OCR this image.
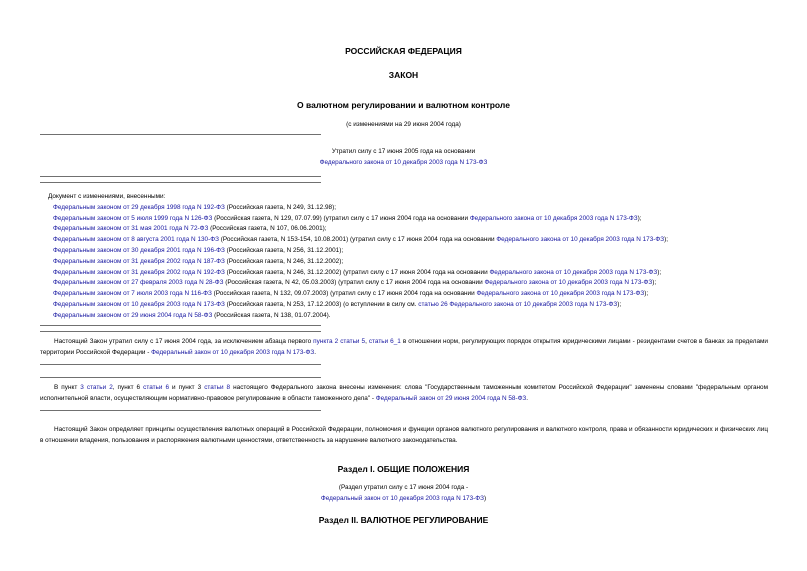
РОССИЙСКАЯ ФЕДЕРАЦИЯ
ЗАКОН
О валютном регулировании и валютном контроле
(с изменениями на 29 июня 2004 года)
Утратил силу с 17 июня 2005 года на основании
Федерального закона от 10 декабря 2003 года N 173-ФЗ
Документ с изменениями, внесенными:
Федеральным законом от 29 декабря 1998 года N 192-ФЗ (Российская газета, N 249, 31.12.98);
Федеральным законом от 5 июля 1999 года N 126-ФЗ (Российская газета, N 129, 07.07.99) (утратил силу с 17 июня 2004 года на основании Федерального закона от 10 декабря 2003 года N 173-ФЗ);
Федеральным законом от 31 мая 2001 года N 72-ФЗ (Российская газета, N 107, 06.06.2001);
Федеральным законом от 8 августа 2001 года N 130-ФЗ (Российская газета, N 153-154, 10.08.2001) (утратил силу с 17 июня 2004 года на основании Федерального закона от 10 декабря 2003 года N 173-ФЗ);
Федеральным законом от 30 декабря 2001 года N 196-ФЗ (Российская газета, N 256, 31.12.2001);
Федеральным законом от 31 декабря 2002 года N 187-ФЗ (Российская газета, N 246, 31.12.2002);
Федеральным законом от 31 декабря 2002 года N 192-ФЗ (Российская газета, N 246, 31.12.2002) (утратил силу с 17 июня 2004 года на основании Федерального закона от 10 декабря 2003 года N 173-ФЗ);
Федеральным законом от 27 февраля 2003 года N 28-ФЗ (Российская газета, N 42, 05.03.2003) (утратил силу с 17 июня 2004 года на основании Федерального закона от 10 декабря 2003 года N 173-ФЗ);
Федеральным законом от 7 июля 2003 года N 116-ФЗ (Российская газета, N 132, 09.07.2003) (утратил силу с 17 июня 2004 года на основании Федерального закона от 10 декабря 2003 года N 173-ФЗ);
Федеральным законом от 10 декабря 2003 года N 173-ФЗ (Российская газета, N 253, 17.12.2003) (о вступлении в силу см. статью 26 Федерального закона от 10 декабря 2003 года N 173-ФЗ);
Федеральным законом от 29 июня 2004 года N 58-ФЗ (Российская газета, N 138, 01.07.2004).
Настоящий Закон утратил силу с 17 июня 2004 года, за исключением абзаца первого пункта 2 статьи 5, статьи 6_1 в отношении норм, регулирующих порядок открытия юридическими лицами - резидентами счетов в банках за пределами территории Российской Федерации - Федеральный закон от 10 декабря 2003 года N 173-ФЗ.
В пункт 3 статьи 2, пункт 6 статьи 6 и пункт 3 статьи 8 настоящего Федерального закона внесены изменения: слова "Государственным таможенным комитетом Российской Федерации" заменены словами "федеральным органом исполнительной власти, осуществляющим нормативно-правовое регулирование в области таможенного дела" - Федеральный закон от 29 июня 2004 года N 58-ФЗ.
Настоящий Закон определяет принципы осуществления валютных операций в Российской Федерации, полномочия и функции органов валютного регулирования и валютного контроля, права и обязанности юридических и физических лиц в отношении владения, пользования и распоряжения валютными ценностями, ответственность за нарушение валютного законодательства.
Раздел I. ОБЩИЕ ПОЛОЖЕНИЯ
(Раздел утратил силу с 17 июня 2004 года -
Федеральный закон от 10 декабря 2003 года N 173-ФЗ)
Раздел II. ВАЛЮТНОЕ РЕГУЛИРОВАНИЕ
